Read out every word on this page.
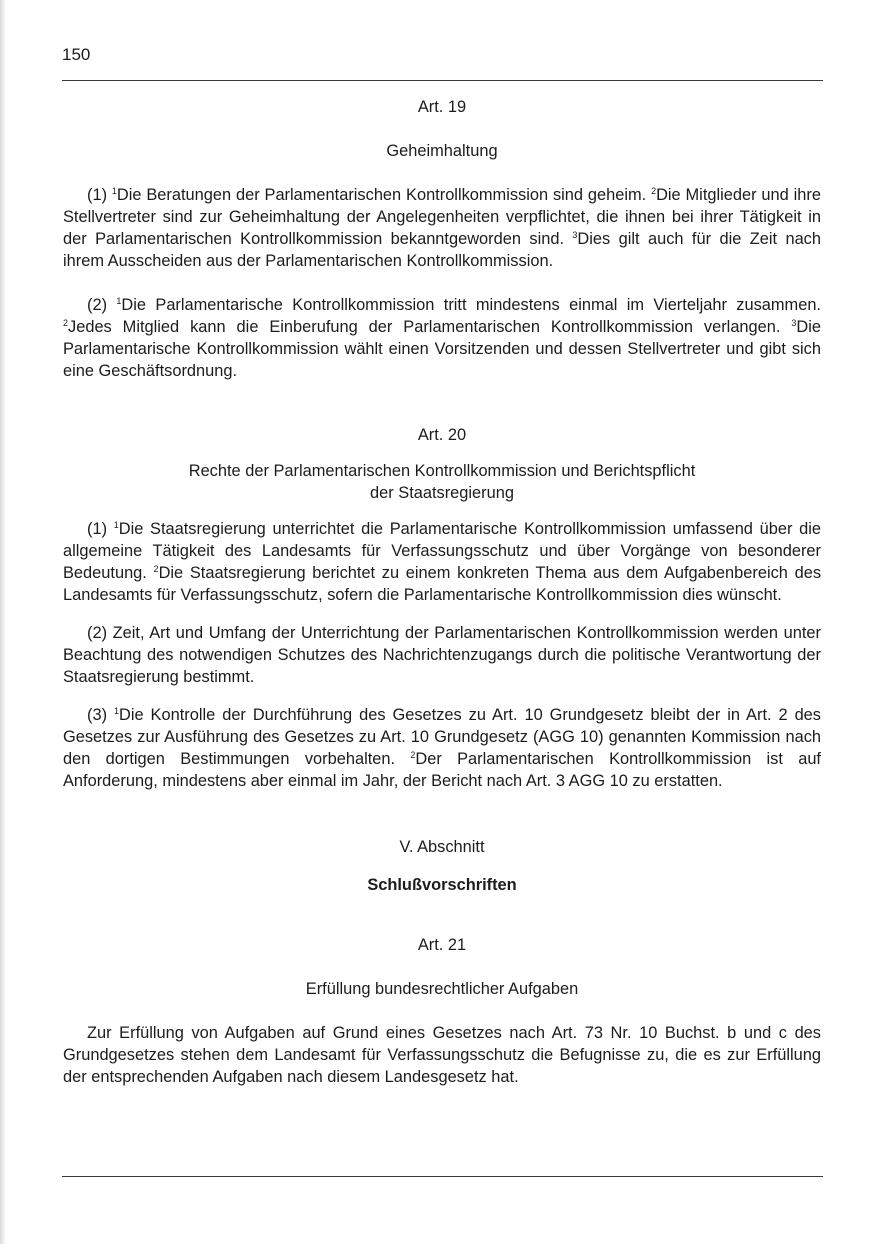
150

Art. 19

Geheimhaltung

(1) $^1$Die Beratungen der Parlamentarischen Kontrollkommission sind geheim. $^2$Die Mitglieder und ihre Stellvertreter sind zur Geheimhaltung der Angelegenheiten verpflichtet, die ihnen bei ihrer Tätigkeit in der Parlamentarischen Kontrollkommission bekanntgeworden sind. $^3$Dies gilt auch für die Zeit nach ihrem Ausscheiden aus der Parlamentarischen Kontrollkommission.

(2) $^1$Die Parlamentarische Kontrollkommission tritt mindestens einmal im Vierteljahr zusammen. $^2$Jedes Mitglied kann die Einberufung der Parlamentarischen Kontrollkommission verlangen. $^3$Die Parlamentarische Kontrollkommission wählt einen Vorsitzenden und dessen Stellvertreter und gibt sich eine Geschäftsordnung.

Art. 20

Rechte der Parlamentarischen Kontrollkommission und Berichtspflicht
der Staatsregierung

(1) $^1$Die Staatsregierung unterrichtet die Parlamentarische Kontrollkommission umfassend über die allgemeine Tätigkeit des Landesamts für Verfassungsschutz und über Vorgänge von besonderer Bedeutung. $^2$Die Staatsregierung berichtet zu einem konkreten Thema aus dem Aufgabenbereich des Landesamts für Verfassungsschutz, sofern die Parlamentarische Kontrollkommission dies wünscht.

(2) Zeit, Art und Umfang der Unterrichtung der Parlamentarischen Kontrollkommission werden unter Beachtung des notwendigen Schutzes des Nachrichtenzugangs durch die politische Verantwortung der Staatsregierung bestimmt.

(3) $^1$Die Kontrolle der Durchführung des Gesetzes zu Art. 10 Grundgesetz bleibt der in Art. 2 des Gesetzes zur Ausführung des Gesetzes zu Art. 10 Grundgesetz (AGG 10) genannten Kommission nach den dortigen Bestimmungen vorbehalten. $^2$Der Parlamentarischen Kontrollkommission ist auf Anforderung, mindestens aber einmal im Jahr, der Bericht nach Art. 3 AGG 10 zu erstatten.

V. Abschnitt

Schlußvorschriften

Art. 21

Erfüllung bundesrechtlicher Aufgaben

Zur Erfüllung von Aufgaben auf Grund eines Gesetzes nach Art. 73 Nr. 10 Buchst. b und c des Grundgesetzes stehen dem Landesamt für Verfassungsschutz die Befugnisse zu, die es zur Erfüllung der entsprechenden Aufgaben nach diesem Landesgesetz hat.
